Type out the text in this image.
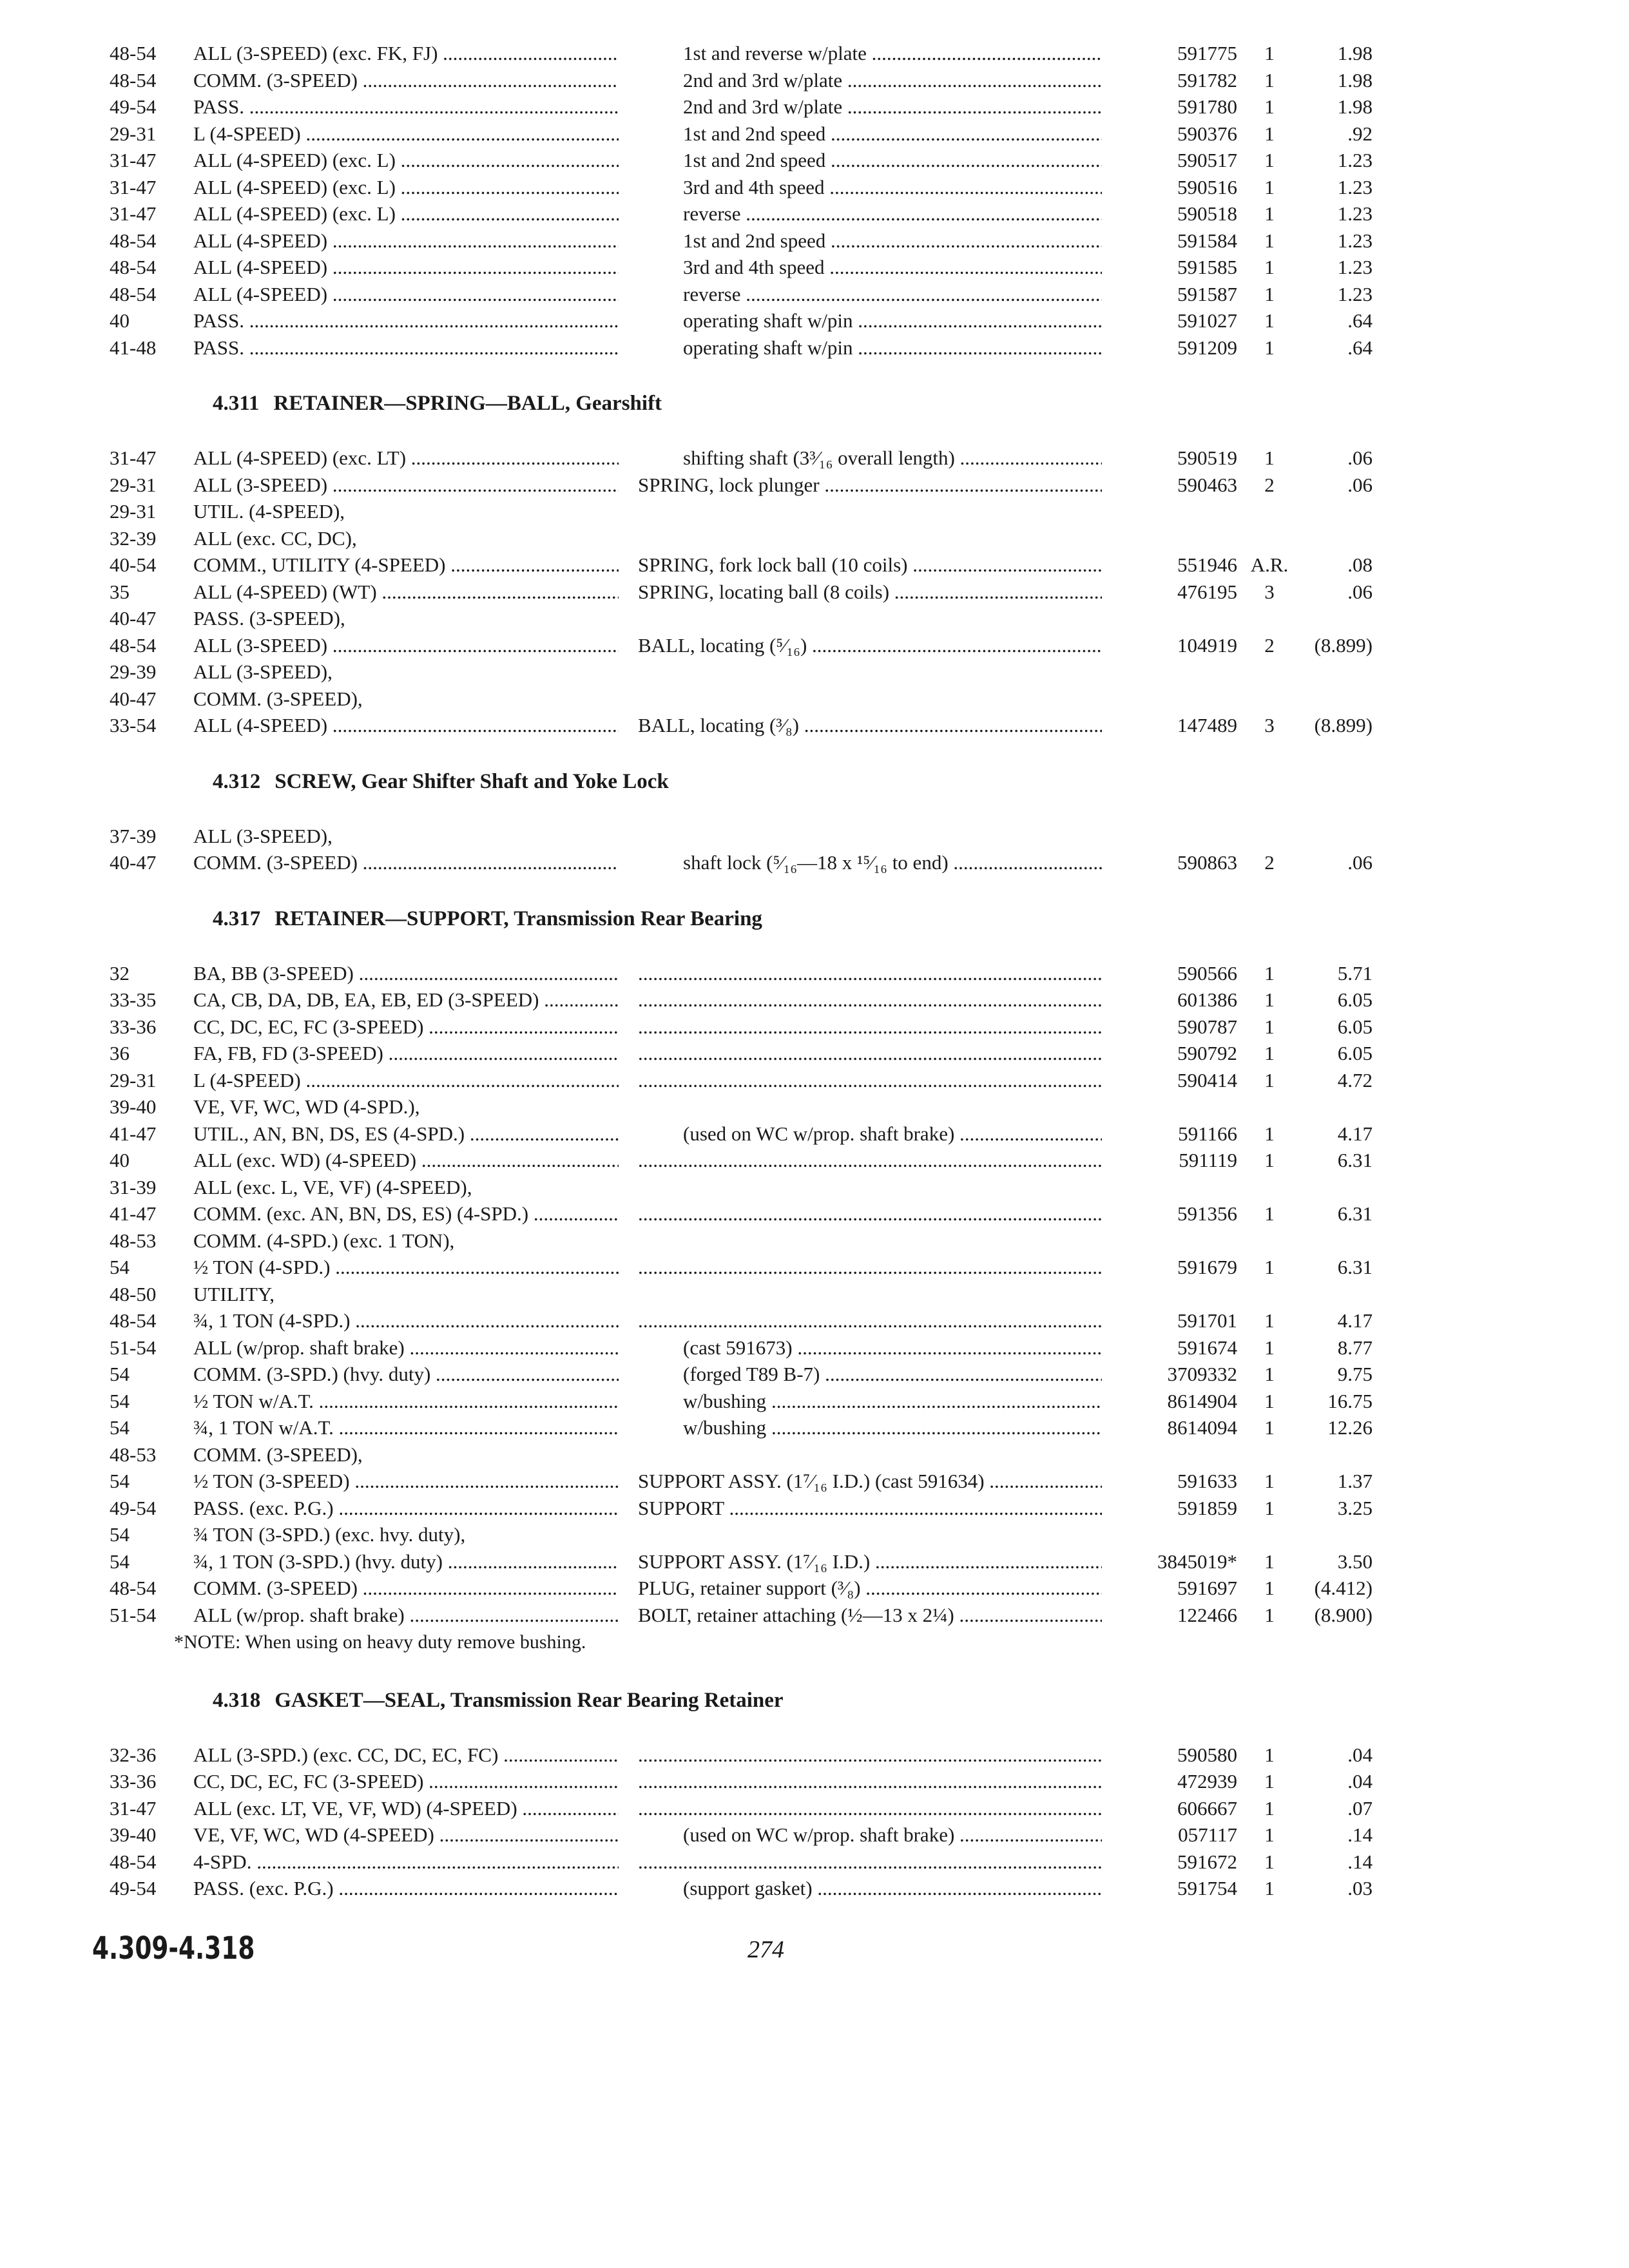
48-54	ALL (3-SPEED) (exc. FK, FJ) .....	1st and reverse w/plate .....	591775	1	1.98
48-54	COMM. (3-SPEED) .....	2nd and 3rd w/plate .....	591782	1	1.98
49-54	PASS. .....	2nd and 3rd w/plate .....	591780	1	1.98
29-31	L (4-SPEED) .....	1st and 2nd speed .....	590376	1	.92
31-47	ALL (4-SPEED) (exc. L) .....	1st and 2nd speed .....	590517	1	1.23
31-47	ALL (4-SPEED) (exc. L) .....	3rd and 4th speed .....	590516	1	1.23
31-47	ALL (4-SPEED) (exc. L) .....	reverse .....	590518	1	1.23
48-54	ALL (4-SPEED) .....	1st and 2nd speed .....	591584	1	1.23
48-54	ALL (4-SPEED) .....	3rd and 4th speed .....	591585	1	1.23
48-54	ALL (4-SPEED) .....	reverse .....	591587	1	1.23
40	PASS. .....	operating shaft w/pin .....	591027	1	.64
41-48	PASS. .....	operating shaft w/pin .....	591209	1	.64
4.311 RETAINER—SPRING—BALL, Gearshift
31-47	ALL (4-SPEED) (exc. LT) .....	shifting shaft (3³⁄₁₆ overall length) .....	590519	1	.06
29-31	ALL (3-SPEED) .....	SPRING, lock plunger .....	590463	2	.06
29-31	UTIL. (4-SPEED),
32-39	ALL (exc. CC, DC),
40-54	COMM., UTILITY (4-SPEED) .....	SPRING, fork lock ball (10 coils) .....	551946 A.R.	.08
35	ALL (4-SPEED) (WT) .....	SPRING, locating ball (8 coils) .....	476195	3	.06
40-47	PASS. (3-SPEED),
48-54	ALL (3-SPEED) .....	BALL, locating (⁵⁄₁₆) .....	104919	2	(8.899)
29-39	ALL (3-SPEED),
40-47	COMM. (3-SPEED),
33-54	ALL (4-SPEED) .....	BALL, locating (³⁄₈) .....	147489	3	(8.899)
4.312 SCREW, Gear Shifter Shaft and Yoke Lock
37-39	ALL (3-SPEED),
40-47	COMM. (3-SPEED) .....	shaft lock (⁵⁄₁₆—18 x ¹⁵⁄₁₆ to end) .....	590863	2	.06
4.317 RETAINER—SUPPORT, Transmission Rear Bearing
32	BA, BB (3-SPEED) ..... .....	590566	1	5.71
33-35	CA, CB, DA, DB, EA, EB, ED (3-SPEED) ..... .....	601386	1	6.05
33-36	CC, DC, EC, FC (3-SPEED) ..... .....	590787	1	6.05
36	FA, FB, FD (3-SPEED) ..... .....	590792	1	6.05
29-31	L (4-SPEED) ..... .....	590414	1	4.72
39-40	VE, VF, WC, WD (4-SPD.),
41-47	UTIL., AN, BN, DS, ES (4-SPD.) .....	(used on WC w/prop. shaft brake) .....	591166	1	4.17
40	ALL (exc. WD) (4-SPEED) ..... .....	591119	1	6.31
31-39	ALL (exc. L, VE, VF) (4-SPEED),
41-47	COMM. (exc. AN, BN, DS, ES) (4-SPD.) ..... .....	591356	1	6.31
48-53	COMM. (4-SPD.) (exc. 1 TON),
54	½ TON (4-SPD.) ..... .....	591679	1	6.31
48-50	UTILITY,
48-54	¾, 1 TON (4-SPD.) ..... .....	591701	1	4.17
51-54	ALL (w/prop. shaft brake) .....	(cast 591673) .....	591674	1	8.77
54	COMM. (3-SPD.) (hvy. duty) .....	(forged T89 B-7) .....	3709332	1	9.75
54	½ TON w/A.T. .....	w/bushing .....	8614904	1	16.75
54	¾, 1 TON w/A.T. .....	w/bushing .....	8614094	1	12.26
48-53	COMM. (3-SPEED),
54	½ TON (3-SPEED) .....	SUPPORT ASSY. (1⁷⁄₁₆ I.D.) (cast 591634) .....	591633	1	1.37
49-54	PASS. (exc. P.G.) .....	SUPPORT .....	591859	1	3.25
54	¾ TON (3-SPD.) (exc. hvy. duty),
54	¾, 1 TON (3-SPD.) (hvy. duty) .....	SUPPORT ASSY. (1⁷⁄₁₆ I.D.) .....	3845019*	1	3.50
48-54	COMM. (3-SPEED) .....	PLUG, retainer support (³⁄₈) .....	591697	1	(4.412)
51-54	ALL (w/prop. shaft brake) .....	BOLT, retainer attaching (½—13 x 2¼) .....	122466	1	(8.900)
*NOTE: When using on heavy duty remove bushing.
4.318 GASKET—SEAL, Transmission Rear Bearing Retainer
32-36	ALL (3-SPD.) (exc. CC, DC, EC, FC) ..... .....	590580	1	.04
33-36	CC, DC, EC, FC (3-SPEED) ..... .....	472939	1	.04
31-47	ALL (exc. LT, VE, VF, WD) (4-SPEED) ..... .....	606667	1	.07
39-40	VE, VF, WC, WD (4-SPEED) .....	(used on WC w/prop. shaft brake) .....	057117	1	.14
48-54	4-SPD. ..... .....	591672	1	.14
49-54	PASS. (exc. P.G.) .....	(support gasket) .....	591754	1	.03
4.309-4.318	274
